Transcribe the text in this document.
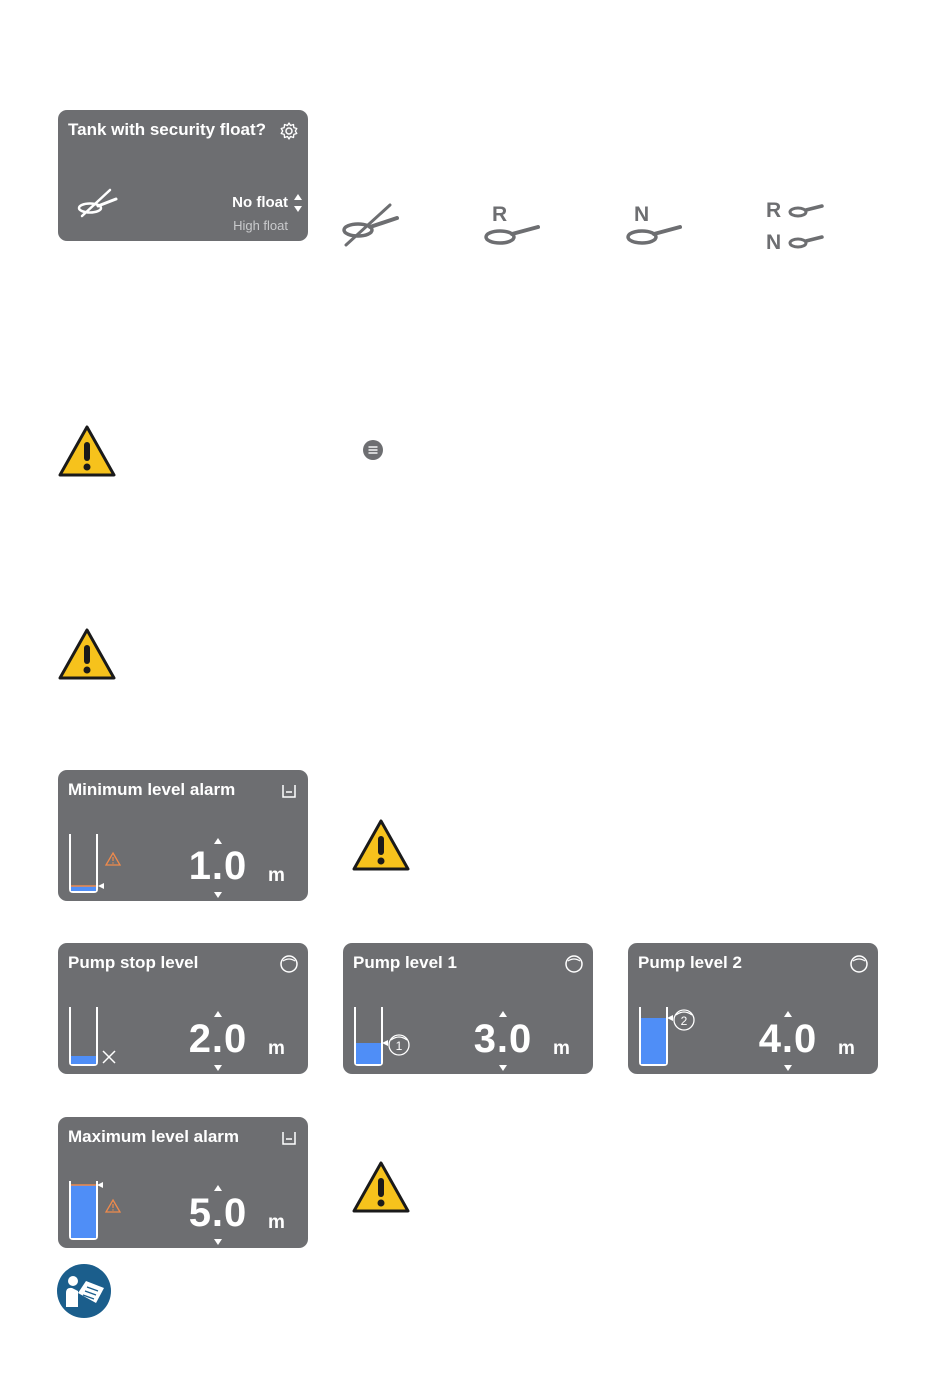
Tank with security float?
No float
High float	R	N	R
N
Minimum level alarm
1.0 m
Pump stop level
2.0 m
Pump level 1
1 3.0 m
Pump level 2
2 4.0 m
Maximum level alarm
5.0 m
